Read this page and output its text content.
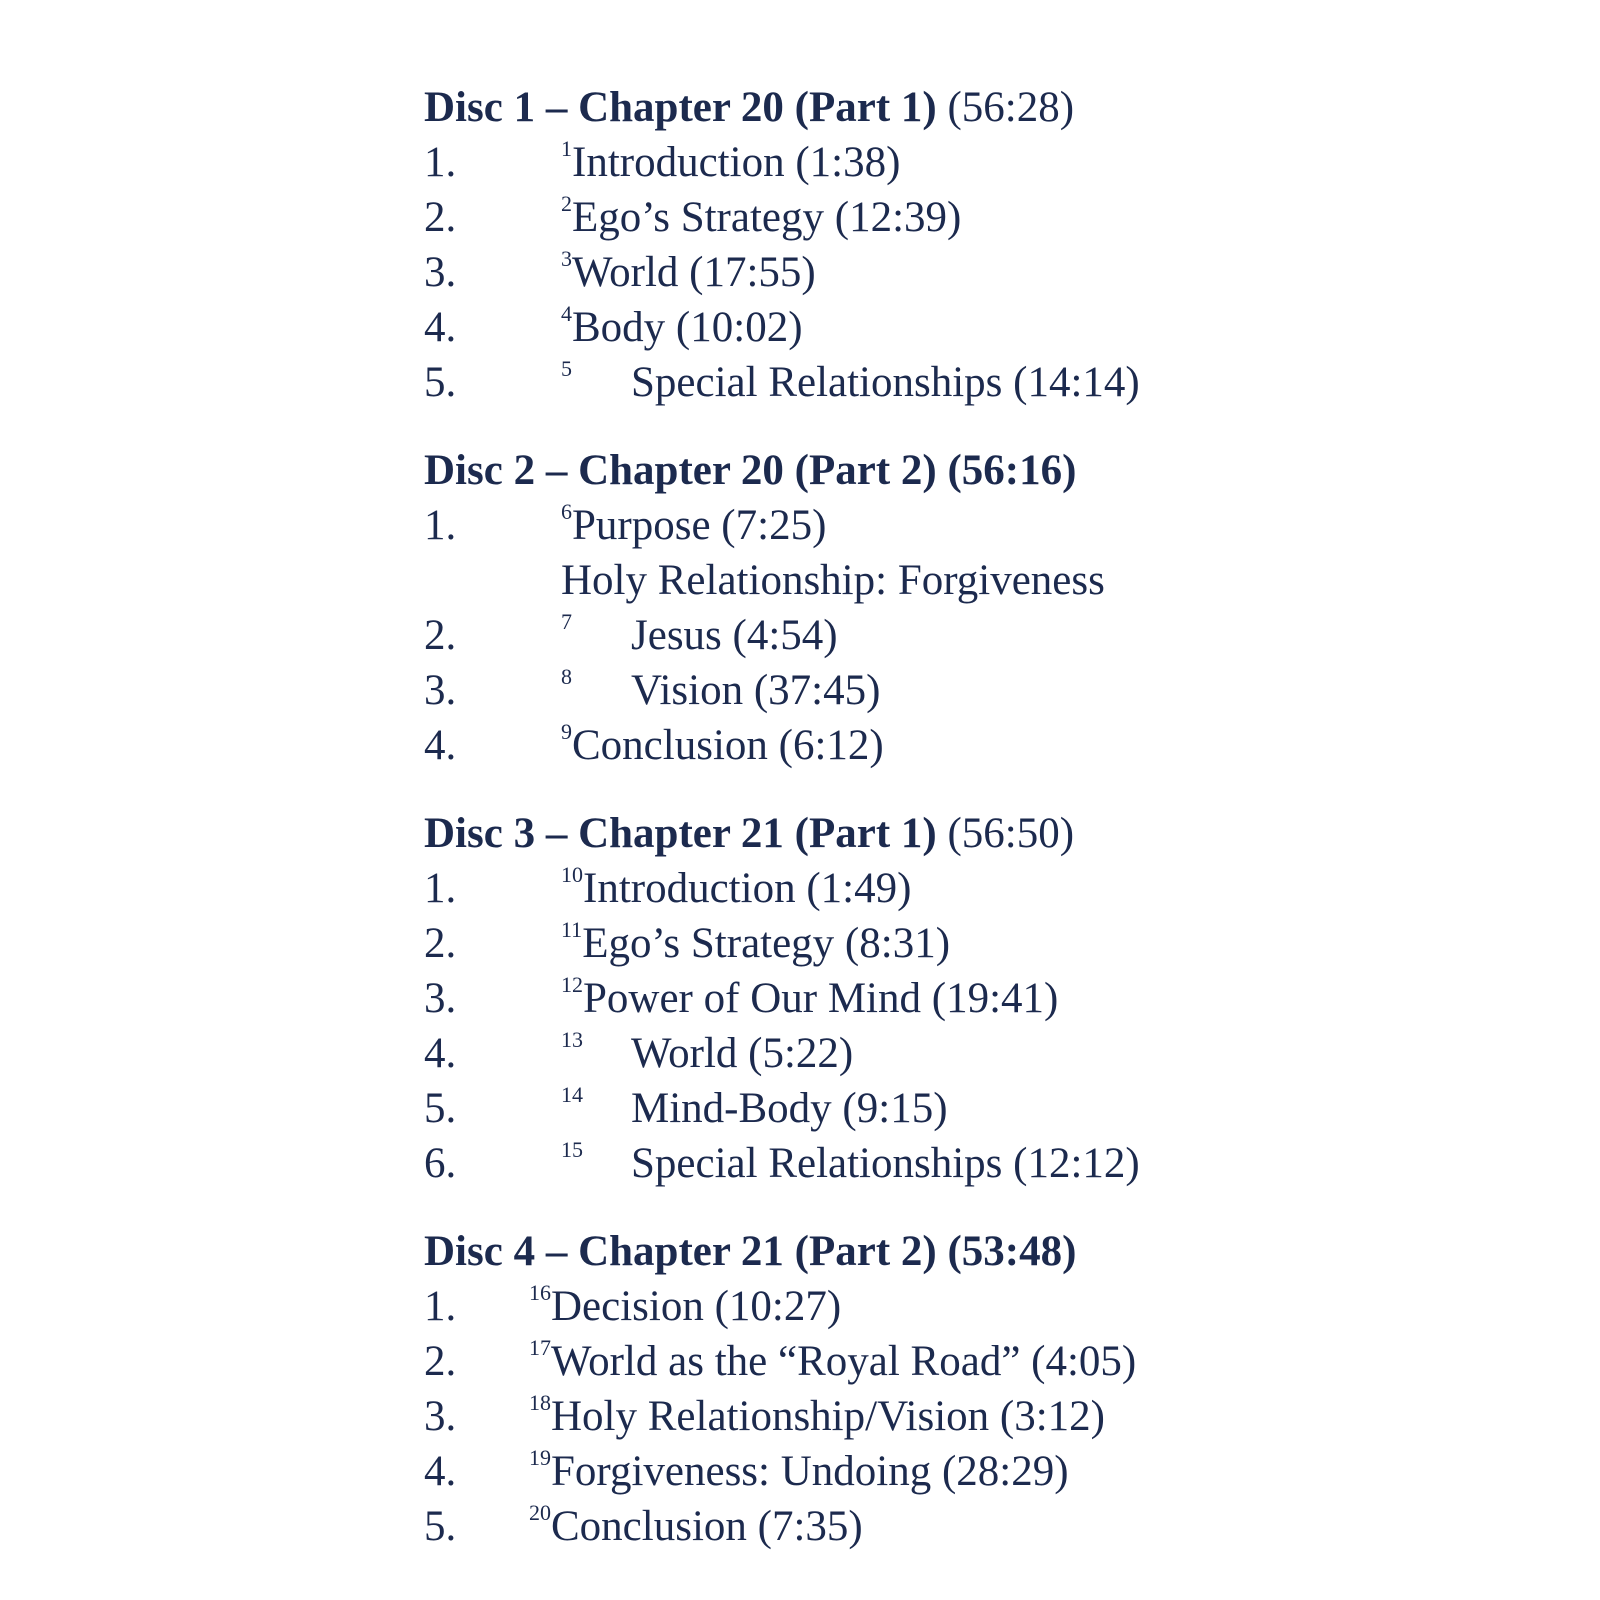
Disc 1 – Chapter 20 (Part 1) (56:28)
1.	$^1$Introduction (1:38)
2.	$^2$Ego’s Strategy (12:39)
3.	$^3$World (17:55)
4.	$^4$Body (10:02)
5.	$^5$ Special Relationships (14:14)
Disc 2 – Chapter 20 (Part 2) (56:16)
1.	$^6$Purpose (7:25)
Holy Relationship: Forgiveness
2.	$^7$ Jesus (4:54)
3.	$^8$ Vision (37:45)
4.	$^9$Conclusion (6:12)
Disc 3 – Chapter 21 (Part 1) (56:50)
1.	$^{10}$Introduction (1:49)
2.	$^{11}$Ego’s Strategy (8:31)
3.	$^{12}$Power of Our Mind (19:41)
4.	$^{13}$ World (5:22)
5.	$^{14}$ Mind-Body (9:15)
6.	$^{15}$ Special Relationships (12:12)
Disc 4 – Chapter 21 (Part 2) (53:48)
1.	$^{16}$Decision (10:27)
2.	$^{17}$World as the “Royal Road” (4:05)
3.	$^{18}$Holy Relationship/Vision (3:12)
4.	$^{19}$Forgiveness: Undoing (28:29)
5.	$^{20}$Conclusion (7:35)
